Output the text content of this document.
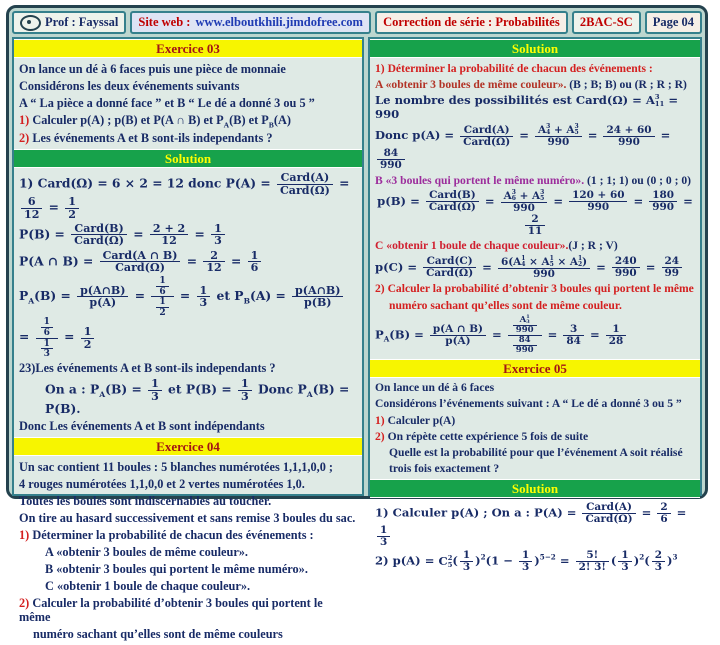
Prof : Fayssal Site web : www.elboutkhili.jimdofree.com	Correction de série : Probabilités	2BAC-SC	Page 04
Exercice 03
On lance un dé à 6 faces puis une pièce de monnaie
Considérons les deux événements suivants
A “ La pièce a donné face ” et B “ Le dé a donné 3 ou 5 ”
1) Calculer p(A) ; p(B) et P(A ∩ B) et $P_A(B)$ et $P_B(A)$
2) Les événements A et B sont-ils independants ?
Solution
1) Card(Ω) = 6 × 2 = 12 donc $P(A) = \frac{\text{Card(A)}}{\text{Card(Ω)}}$ =
$\frac{6}{12} = \frac{1}{2}$
$P(B) = \frac{\text{Card(B)}}{\text{Card(Ω)}} = \frac{2 + 2}{12} = \frac{1}{3}$
P(A ∩ $B) = \frac{\text{Card(A ∩ B)}}{\text{Card(Ω)}} = \frac{2}{12} = \frac{1}{6}$
$P_A(B) = \frac{p(A\cap B)}{p(A)} = \frac{\frac{1}{6}}{\frac{1}{2}} = \frac{1}{3}$ et $P_B(A) = \frac{p(A\cap B)}{p(B)}$
= $\frac{\frac{1}{6}}{\frac{1}{3}} = \frac{1}{2}$
23)Les événements A et B sont-ils independants ?
On a : $P_A(B) = \frac{1}{3}$ et $P(B) = \frac{1}{3}$ Donc $P_A(B) = P(B)$.
Donc Les événements A et B sont indépendants
Exercice 04
Un sac contient 11 boules : 5 blanches numérotées 1,1,1,0,0 ;
4 rouges numérotées 1,1,0,0 et 2 vertes numérotées 1,0.
Toutes les boules sont indiscernables au toucher.
On tire au hasard successivement et sans remise 3 boules du sac.
1) Déterminer la probabilité de chacun des événements :
A «obtenir 3 boules de même couleur».
B «obtenir 3 boules qui portent le même numéro».
C «obtenir 1 boule de chaque couleur».
2) Calculer la probabilité d’obtenir 3 boules qui portent le même
numéro sachant qu’elles sont de même couleurs
Solution
1) Déterminer la probabilité de chacun des événements :
A «obtenir 3 boules de même couleur». (B ; B; B) ou (R ; R ; R)
Le nombre des possibilités est Card(Ω) = A 3
11 = 990
Donc $p(A) = \frac{\text{Card(A)}}{\text{Card(Ω)}} = A$ 3
4 + A 3
5
$990 = \frac{24 + 60}{990}$ =
$\frac{84}{990}$
B «3 boules qui portent le même numéro». (1 ; 1; 1) ou (0 ; 0 ; 0)
$p(B) = \frac{\text{Card(B)}}{\text{Card(Ω)}} = A$ 3
6 + A 3
5
$990 = \frac{120 + 60}{990} = \frac{180}{990}$ =
$\frac{2}{11}$
C «obtenir 1 boule de chaque couleur».(J ; R ; V)
$p(C) = \frac{\text{Card(C)}}{\text{Card(Ω)}} = 6(A$ 1
4 × A 1
5 × A 1
2 )
$990 = \frac{240}{990} = \frac{24}{99}$
2) Calculer la probabilité d’obtenir 3 boules qui portent le même
numéro sachant qu’elles sont de même couleur.
$P_A(B) = \frac{p(A \cap B)}{p(A)} = A$ 1
3
990
$\frac{84}{990} = \frac{3}{84} = \frac{1}{28}$
Exercice 05
On lance un dé à 6 faces
Considérons l’événements suivant : A “ Le dé a donné 3 ou 5 ”
1) Calculer p(A)
2) On répète cette expérience 5 fois de suite
Quelle est la probabilité pour que l’événement A soit réalisé
trois fois exactement ?
Solution
1) Calculer p(A) ; On a : $P(A) = \frac{\text{Card(A)}}{\text{Card(Ω)}} = \frac{2}{6}$ =
$\frac{1}{3}$
2) p(A) = C 2
5 ( $\frac{1}{3} )^2(1 - \frac{1}{3} )^{5-2} = \frac{5!}{2! 3!}$ ( $\frac{1}{3} )^2( \frac{2}{3} )^3$
